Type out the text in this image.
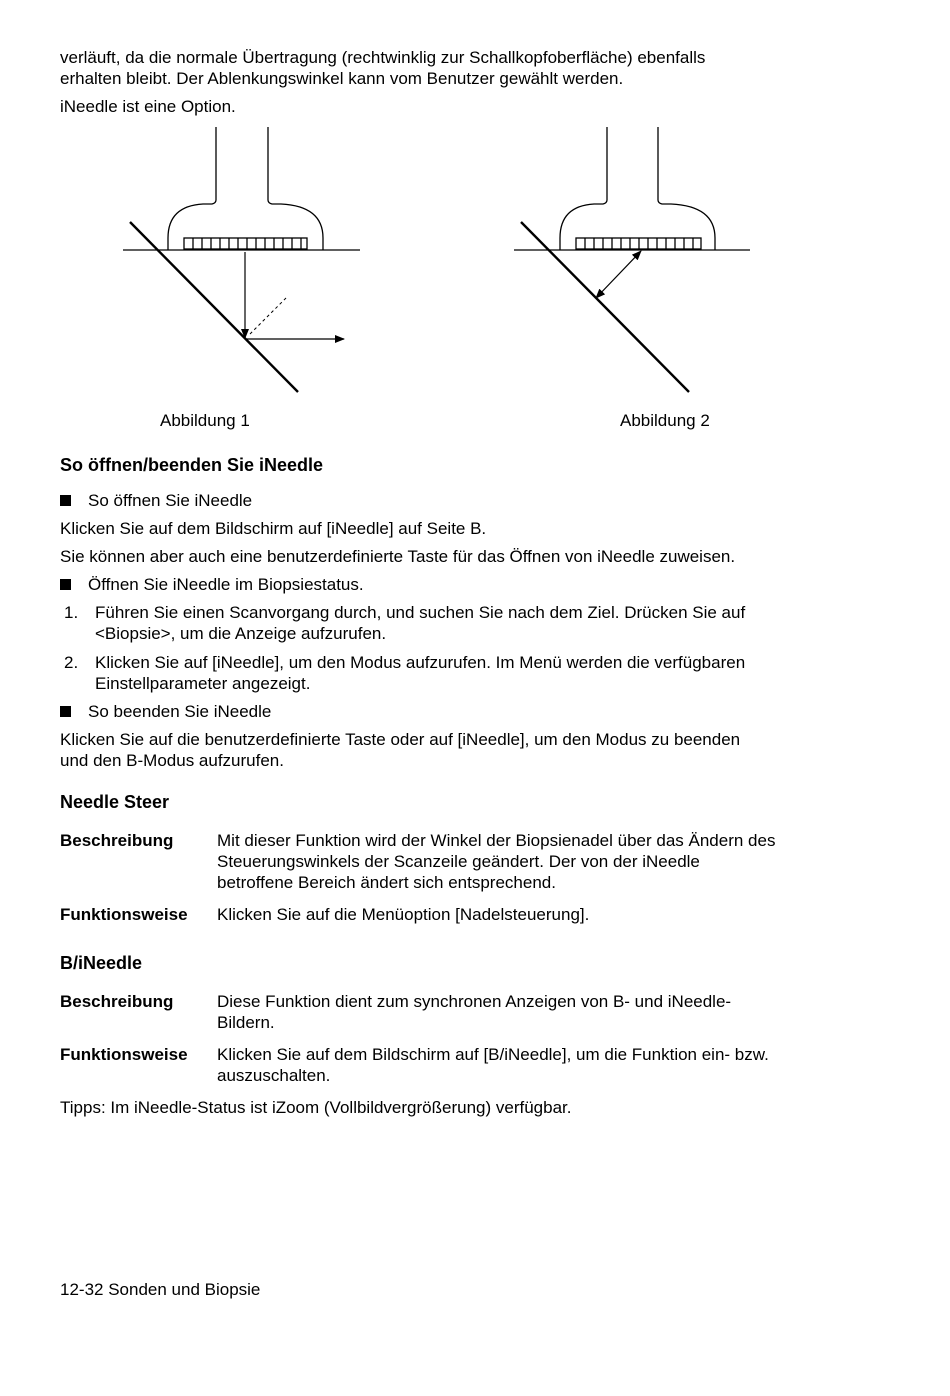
verläuft, da die normale Übertragung (rechtwinklig zur Schallkopfoberfläche) ebenfalls
erhalten bleibt. Der Ablenkungswinkel kann vom Benutzer gewählt werden.
iNeedle ist eine Option.
Abbildung 1	Abbildung 2
So öffnen/beenden Sie iNeedle
So öffnen Sie iNeedle
Klicken Sie auf dem Bildschirm auf [iNeedle] auf Seite B.
Sie können aber auch eine benutzerdefinierte Taste für das Öffnen von iNeedle zuweisen.
Öffnen Sie iNeedle im Biopsiestatus.
1. Führen Sie einen Scanvorgang durch, und suchen Sie nach dem Ziel. Drücken Sie auf
<Biopsie>, um die Anzeige aufzurufen.
2. Klicken Sie auf [iNeedle], um den Modus aufzurufen. Im Menü werden die verfügbaren
Einstellparameter angezeigt.
So beenden Sie iNeedle
Klicken Sie auf die benutzerdefinierte Taste oder auf [iNeedle], um den Modus zu beenden
und den B-Modus aufzurufen.
Needle Steer
Beschreibung	Mit dieser Funktion wird der Winkel der Biopsienadel über das Ändern des
Steuerungswinkels der Scanzeile geändert. Der von der iNeedle
betroffene Bereich ändert sich entsprechend.
Funktionsweise Klicken Sie auf die Menüoption [Nadelsteuerung].
B/iNeedle
Beschreibung	Diese Funktion dient zum synchronen Anzeigen von B- und iNeedle-
Bildern.
Funktionsweise Klicken Sie auf dem Bildschirm auf [B/iNeedle], um die Funktion ein- bzw.
auszuschalten.
Tipps: Im iNeedle-Status ist iZoom (Vollbildvergrößerung) verfügbar.
12-32 Sonden und Biopsie
